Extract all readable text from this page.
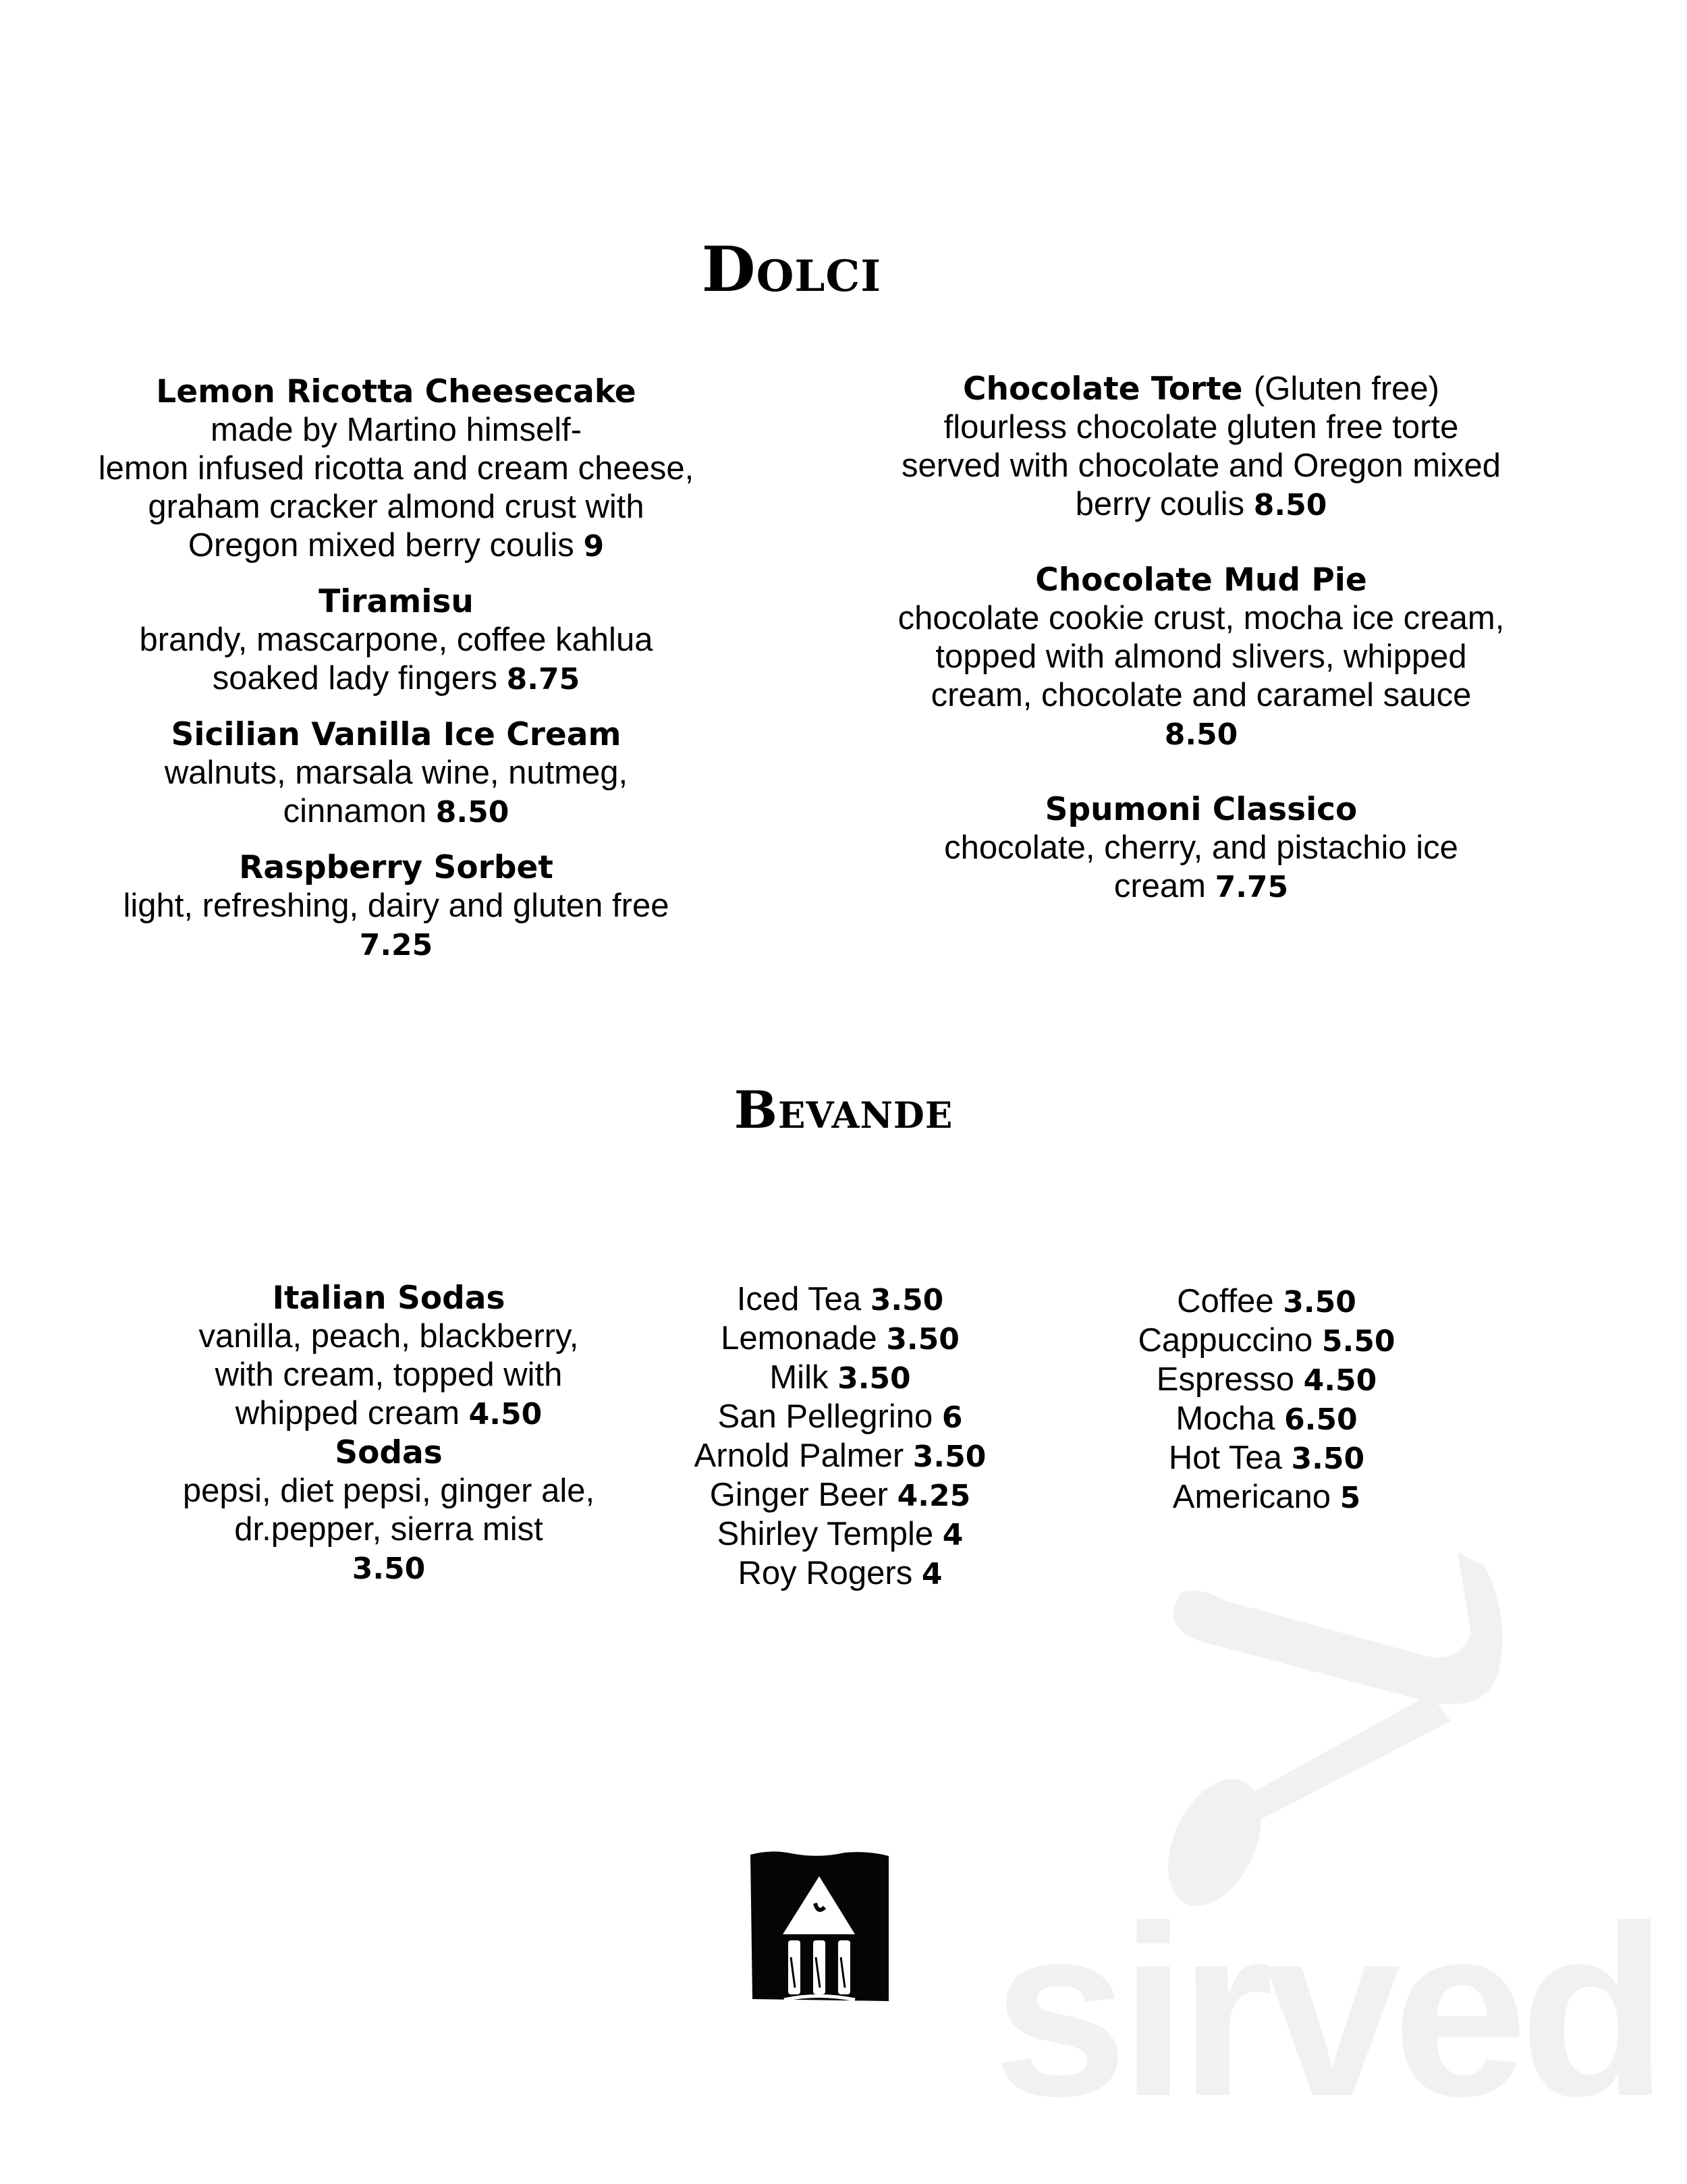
Dolci
Lemon Ricotta Cheesecake
made by Martino himself-
lemon infused ricotta and cream cheese,
graham cracker almond crust with
Oregon mixed berry coulis 9
Tiramisu
brandy, mascarpone, coffee kahlua
soaked lady fingers 8.75
Sicilian Vanilla Ice Cream
walnuts, marsala wine, nutmeg,
cinnamon 8.50
Raspberry Sorbet
light, refreshing, dairy and gluten free
7.25
Chocolate Torte (Gluten free)
flourless chocolate gluten free torte
served with chocolate and Oregon mixed
berry coulis 8.50
Chocolate Mud Pie
chocolate cookie crust, mocha ice cream,
topped with almond slivers, whipped
cream, chocolate and caramel sauce
8.50
Spumoni Classico
chocolate, cherry, and pistachio ice
cream 7.75
Bevande
Italian Sodas
vanilla, peach, blackberry,
with cream, topped with
whipped cream 4.50
Sodas
pepsi, diet pepsi, ginger ale,
dr.pepper, sierra mist
3.50
Iced Tea 3.50
Lemonade 3.50
Milk 3.50
San Pellegrino 6
Arnold Palmer 3.50
Ginger Beer 4.25
Shirley Temple 4
Roy Rogers 4
Coffee 3.50
Cappuccino 5.50
Espresso 4.50
Mocha 6.50
Hot Tea 3.50
Americano 5
sirved
